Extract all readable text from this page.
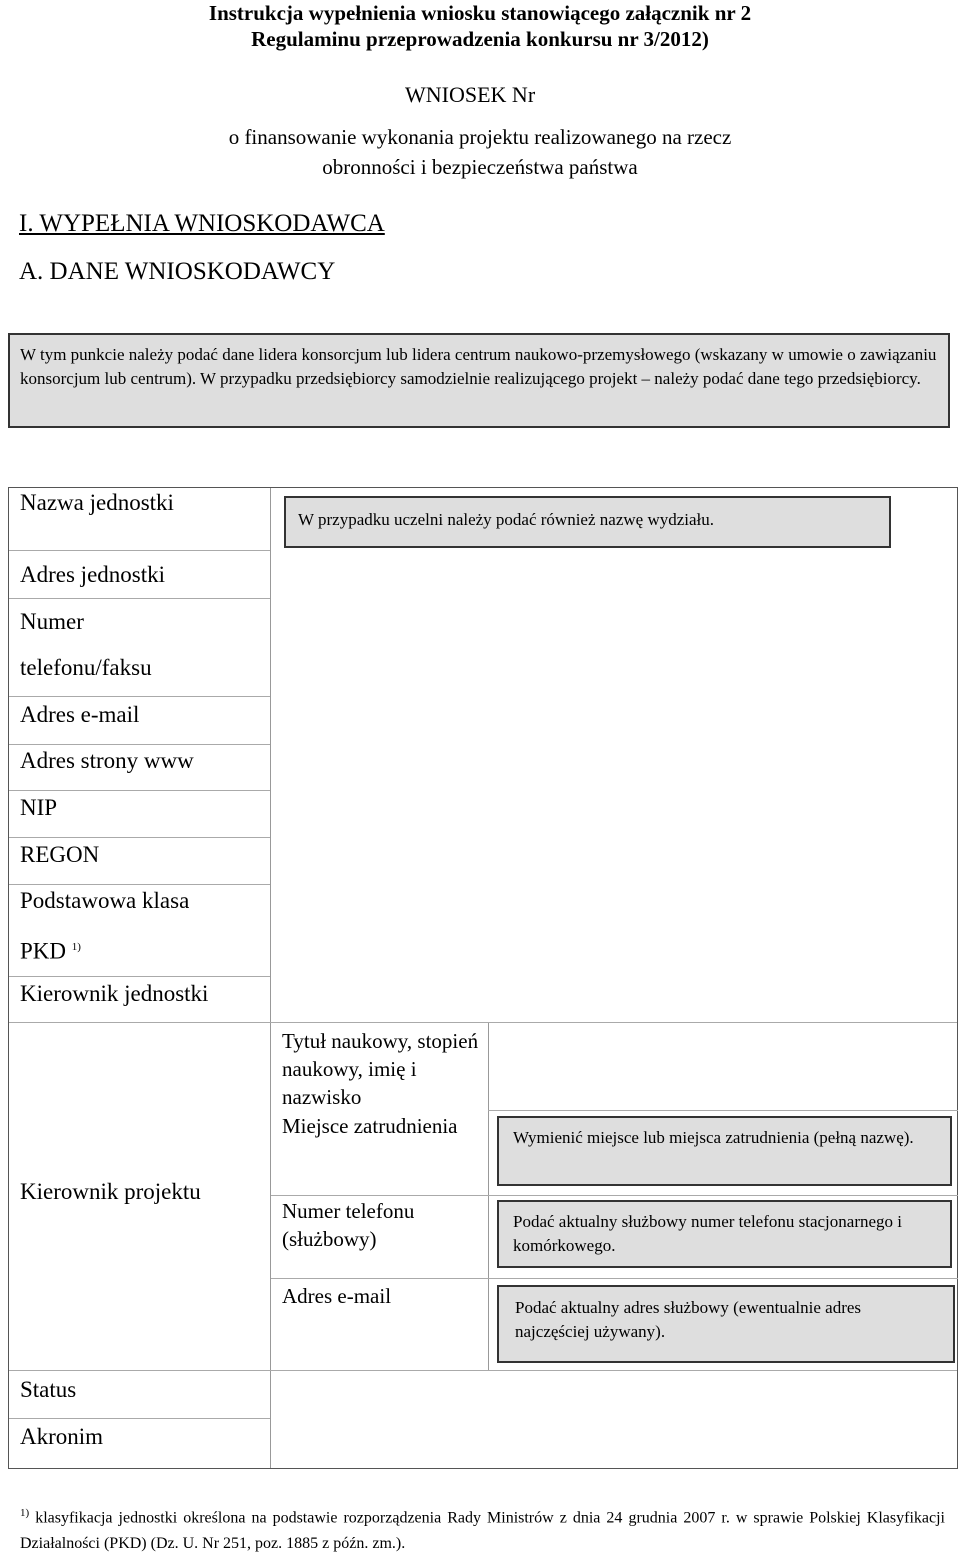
Instrukcja wypełnienia wniosku stanowiącego załącznik nr 2
Regulaminu przeprowadzenia konkursu nr 3/2012)
WNIOSEK Nr
o finansowanie wykonania projektu realizowanego na rzecz
obronności i bezpieczeństwa państwa
I. WYPEŁNIA WNIOSKODAWCA
A. DANE WNIOSKODAWCY
W tym punkcie należy podać dane lidera konsorcjum lub lidera centrum naukowo-przemysłowego (wskazany w umowie o zawiązaniu konsorcjum lub centrum). W przypadku przedsiębiorcy samodzielnie realizującego projekt – należy podać dane tego przedsiębiorcy.
Nazwa jednostki
Adres jednostki
Numer
telefonu/faksu
Adres e-mail
Adres strony www
NIP
REGON
Podstawowa klasa
PKD $^{1)}$
Kierownik jednostki
Kierownik projektu
Status
Akronim
W przypadku uczelni należy podać również nazwę wydziału.
Tytuł naukowy, stopień naukowy, imię i nazwisko
Miejsce zatrudnienia
Numer telefonu (służbowy)
Adres e-mail
Wymienić miejsce lub miejsca zatrudnienia (pełną nazwę).
Podać aktualny służbowy numer telefonu stacjonarnego i komórkowego.
Podać aktualny adres służbowy (ewentualnie adres najczęściej używany).
$^{1)}$ klasyfikacja jednostki określona na podstawie rozporządzenia Rady Ministrów z dnia 24 grudnia 2007 r. w sprawie Polskiej Klasyfikacji Działalności (PKD) (Dz. U. Nr 251, poz. 1885 z późn. zm.).
